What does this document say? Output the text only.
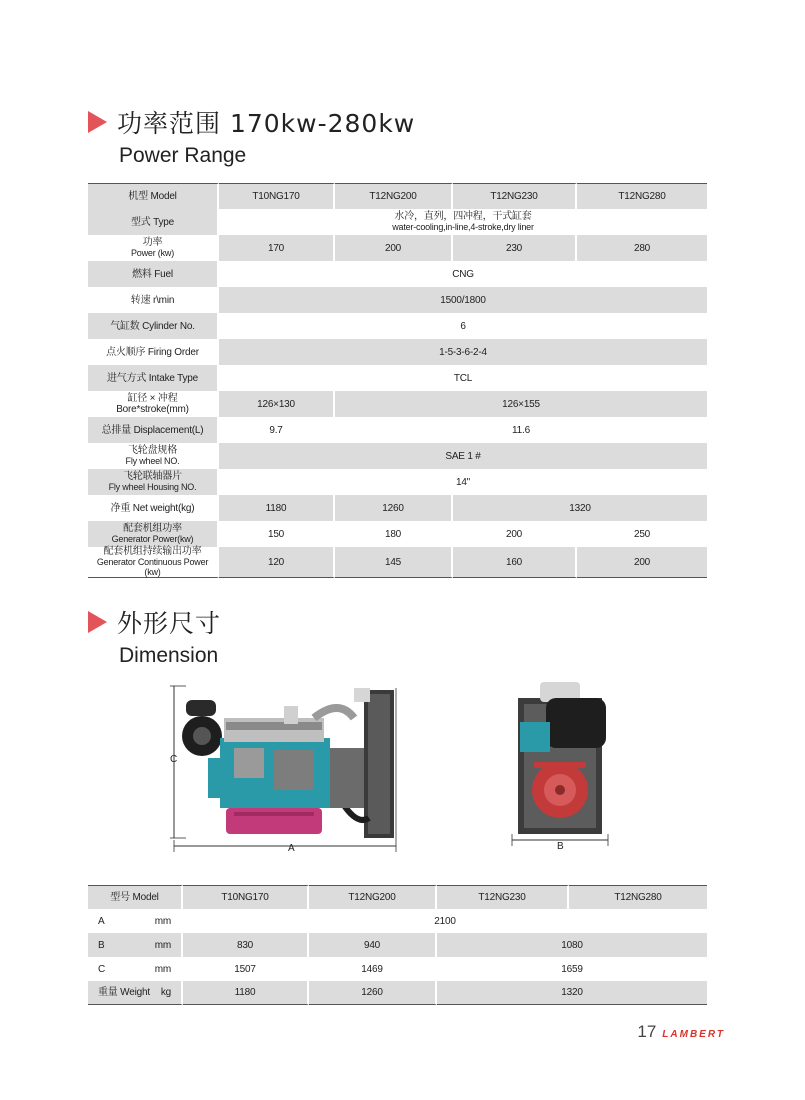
功率范围 170kw-280kw
Power Range
机型 Model	T10NG170	T12NG200	T12NG230	T12NG280
型式 Type	水冷，直列，四冲程，干式缸套
water-cooling,in-line,4-stroke,dry liner			

功率
Power (kw)	170	200	230	280
燃料 Fuel	CNG			
转速 r\min	1500/1800			
气缸数 Cylinder No.	6			
点火顺序 Firing Order	1-5-3-6-2-4			
进气方式 Intake Type	TCL			
缸径 × 冲程 Bore*stroke(mm)	126×130	126×155		
总排量 Displacement(L)	9.7	11.6		

飞轮盘规格
Fly wheel NO.	SAE 1 #			

飞轮联轴器片
Fly wheel Housing NO.	14"			
净重 Net weight(kg)	1180	1260	1320	

配套机组功率
Generator Power(kw)	150	180	200	250

配套机组持续输出功率
Generator Continuous Power (kw)	120	145	160	200
外形尺寸
Dimension
C
A	B
型号 Model	T10NG170	T12NG200	T12NG230	T12NG280

A mm	2100			

B mm	830	940	1080	

C mm	1507	1469	1659	

重量 Weight kg	1180	1260	1320	
17 LAMBERT
